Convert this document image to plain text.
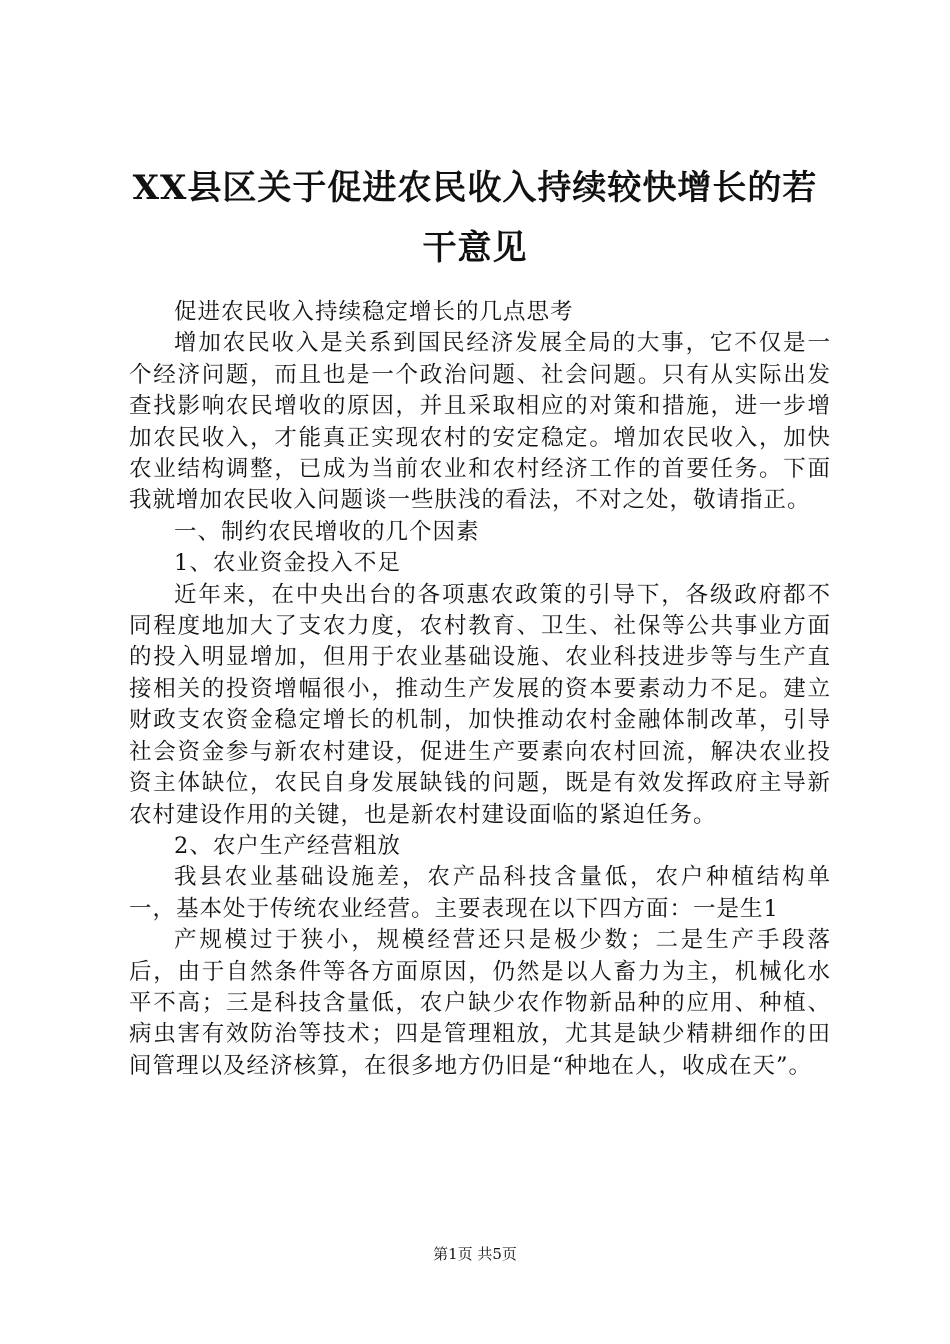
XX县区关于促进农民收入持续较快增长的若干意见

促进农民收入持续稳定增长的几点思考

增加农民收入是关系到国民经济发展全局的大事，它不仅是一个经济问题，而且也是一个政治问题、社会问题。只有从实际出发查找影响农民增收的原因，并且采取相应的对策和措施，进一步增加农民收入，才能真正实现农村的安定稳定。增加农民收入，加快农业结构调整，已成为当前农业和农村经济工作的首要任务。下面我就增加农民收入问题谈一些肤浅的看法，不对之处，敬请指正。

一、制约农民增收的几个因素

1、农业资金投入不足

近年来，在中央出台的各项惠农政策的引导下，各级政府都不同程度地加大了支农力度，农村教育、卫生、社保等公共事业方面的投入明显增加，但用于农业基础设施、农业科技进步等与生产直接相关的投资增幅很小，推动生产发展的资本要素动力不足。建立财政支农资金稳定增长的机制，加快推动农村金融体制改革，引导社会资金参与新农村建设，促进生产要素向农村回流，解决农业投资主体缺位，农民自身发展缺钱的问题，既是有效发挥政府主导新农村建设作用的关键，也是新农村建设面临的紧迫任务。

2、农户生产经营粗放

我县农业基础设施差，农产品科技含量低，农户种植结构单一，基本处于传统农业经营。主要表现在以下四方面：一是生1

产规模过于狭小，规模经营还只是极少数；二是生产手段落后，由于自然条件等各方面原因，仍然是以人畜力为主，机械化水平不高；三是科技含量低，农户缺少农作物新品种的应用、种植、病虫害有效防治等技术；四是管理粗放，尤其是缺少精耕细作的田间管理以及经济核算，在很多地方仍旧是“种地在人，收成在天”。

第1页 共5页
